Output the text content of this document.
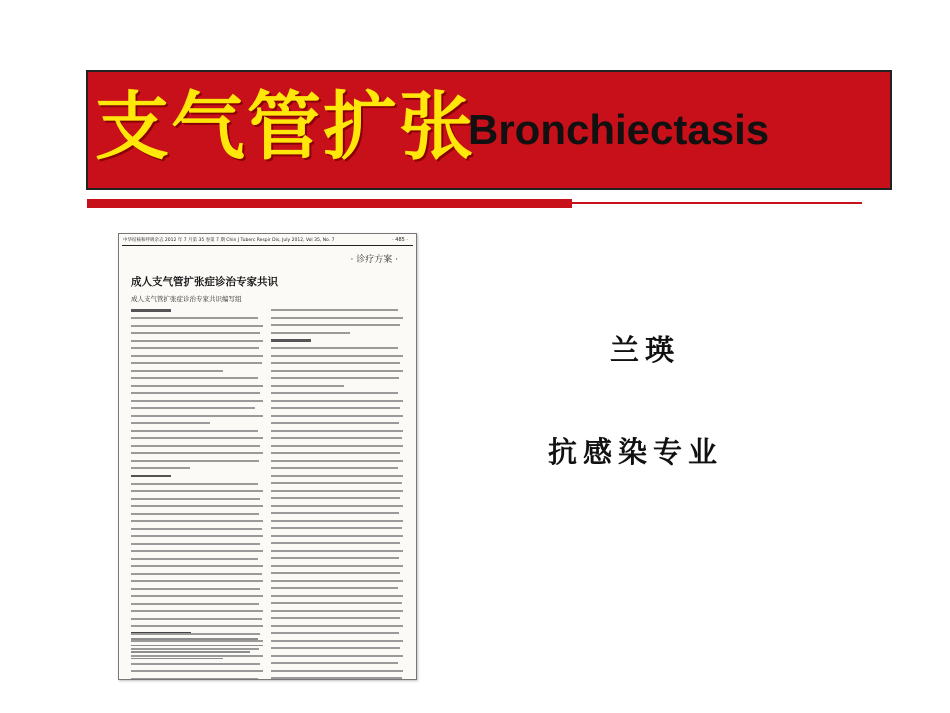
支气管扩张
Bronchiectasis
中华结核和呼吸杂志 2012 年 7 月第 35 卷第 7 期 Chin J Tuberc Respir Dis, July 2012, Vol 35, No. 7	· 485 ·
· 诊疗方案 ·
成人支气管扩张症诊治专家共识
成人支气管扩张症诊治专家共识编写组
兰瑛
抗感染专业
